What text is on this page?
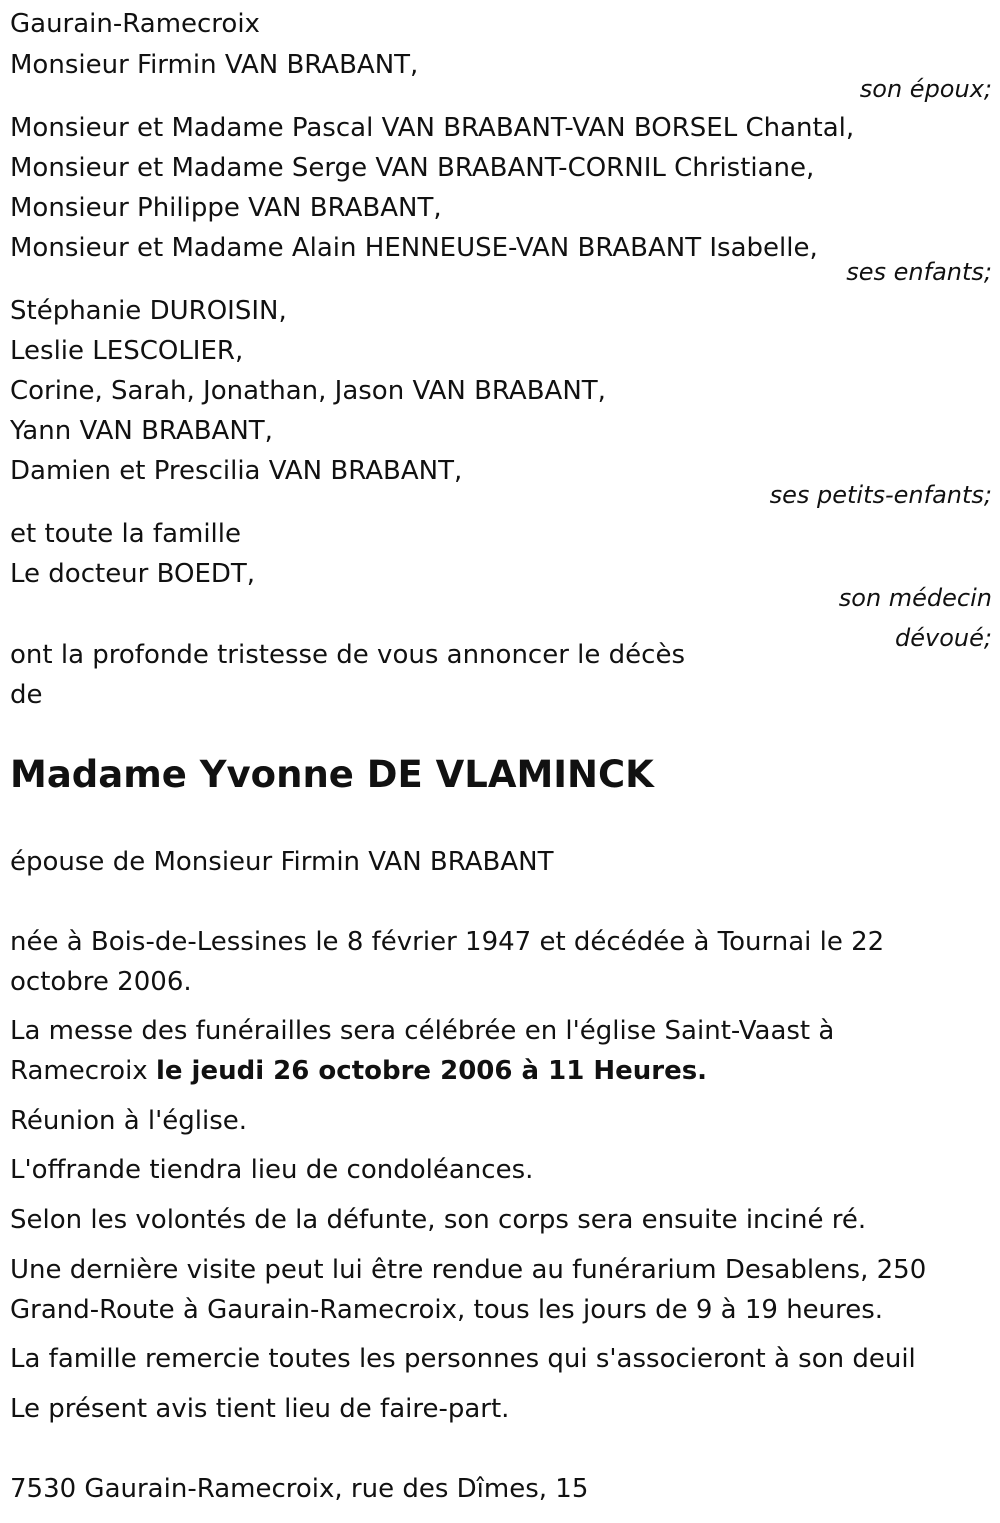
Gaurain-Ramecroix
Monsieur Firmin VAN BRABANT,
son époux;
Monsieur et Madame Pascal VAN BRABANT-VAN BORSEL Chantal,
Monsieur et Madame Serge VAN BRABANT-CORNIL Christiane,
Monsieur Philippe VAN BRABANT,
Monsieur et Madame Alain HENNEUSE-VAN BRABANT Isabelle,
ses enfants;
Stéphanie DUROISIN,
Leslie LESCOLIER,
Corine, Sarah, Jonathan, Jason VAN BRABANT,
Yann VAN BRABANT,
Damien et Prescilia VAN BRABANT,
ses petits-enfants;
et toute la famille
Le docteur BOEDT,
son médecin
dévoué;
ont la profonde tristesse de vous annoncer le décès
de
Madame Yvonne DE VLAMINCK
épouse de Monsieur Firmin VAN BRABANT
née à Bois-de-Lessines le 8 février 1947 et décédée à Tournai le 22
octobre 2006.
La messe des funérailles sera célébrée en l'église Saint-Vaast à
Ramecroix le jeudi 26 octobre 2006 à 11 Heures.
Réunion à l'église.
L'offrande tiendra lieu de condoléances.
Selon les volontés de la défunte, son corps sera ensuite inciné ré.
Une dernière visite peut lui être rendue au funérarium Desablens, 250
Grand-Route à Gaurain-Ramecroix, tous les jours de 9 à 19 heures.
La famille remercie toutes les personnes qui s'associeront à son deuil
Le présent avis tient lieu de faire-part.
7530 Gaurain-Ramecroix, rue des Dîmes, 15
